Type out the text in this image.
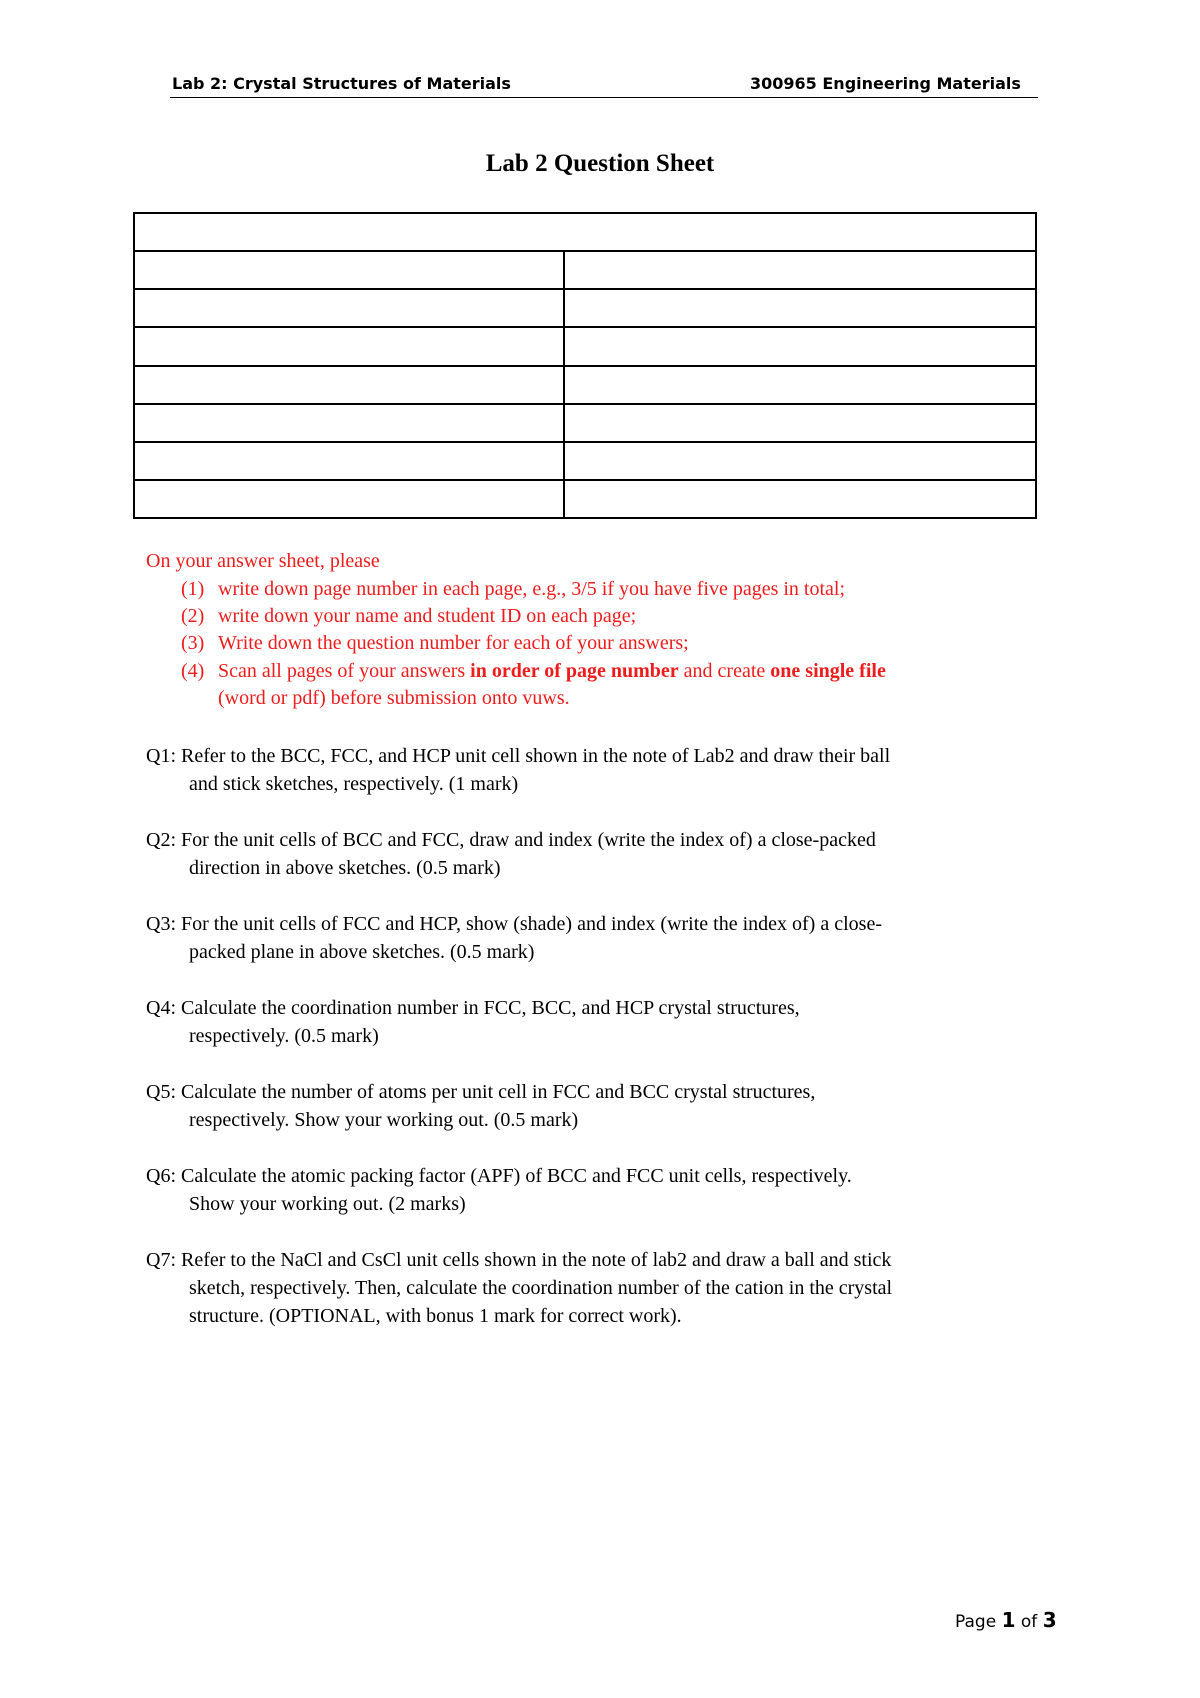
Lab 2: Crystal Structures of Materials	300965 Engineering Materials
Lab 2 Question Sheet

On your answer sheet, please
(1) write down page number in each page, e.g., 3/5 if you have five pages in total;
(2) write down your name and student ID on each page;
(3) Write down the question number for each of your answers;
(4) Scan all pages of your answers in order of page number and create one single file
(word or pdf) before submission onto vuws.
Q1: Refer to the BCC, FCC, and HCP unit cell shown in the note of Lab2 and draw their ball
and stick sketches, respectively. (1 mark)
Q2: For the unit cells of BCC and FCC, draw and index (write the index of) a close-packed
direction in above sketches. (0.5 mark)
Q3: For the unit cells of FCC and HCP, show (shade) and index (write the index of) a close-
packed plane in above sketches. (0.5 mark)
Q4: Calculate the coordination number in FCC, BCC, and HCP crystal structures,
respectively. (0.5 mark)
Q5: Calculate the number of atoms per unit cell in FCC and BCC crystal structures,
respectively. Show your working out. (0.5 mark)
Q6: Calculate the atomic packing factor (APF) of BCC and FCC unit cells, respectively.
Show your working out. (2 marks)
Q7: Refer to the NaCl and CsCl unit cells shown in the note of lab2 and draw a ball and stick
sketch, respectively. Then, calculate the coordination number of the cation in the crystal
structure. (OPTIONAL, with bonus 1 mark for correct work).
Page 1 of 3
